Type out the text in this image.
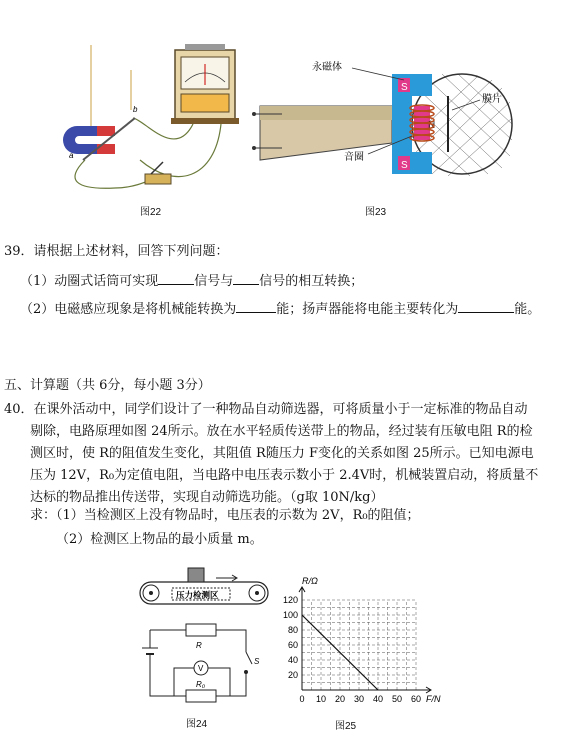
a
b
图22
S
S
N
永磁体
膜片
音圈
图23
39．请根据上述材料，回答下列问题：
（1）动圈式话筒可实现	信号与 信号的相互转换；
（2）电磁感应现象是将机械能转换为	能；扬声器能将电能主要转化为	能。
五、计算题（共 6分，每小题 3分）
40．在课外活动中，同学们设计了一种物品自动筛选器，可将质量小于一定标准的物品自动
剔除，电路原理如图 24所示。放在水平轻质传送带上的物品，经过装有压敏电阻 R的检
测区时，使 R的阻值发生变化，其阻值 R随压力 F变化的关系如图 25所示。已知电源电
压为 12V，R₀为定值电阻，当电路中电压表示数小于 2.4V时，机械装置启动，将质量不
达标的物品推出传送带，实现自动筛选功能。（g取 10N/kg）
求：（1）当检测区上没有物品时，电压表的示数为 2V，R₀的阻值；
（2）检测区上物品的最小质量 m。
压力检测区
R
R₀
V
S
图24
R/Ω
F/N
0 10 20 30 40 50 60
20
40
60
80
100
120
图25
